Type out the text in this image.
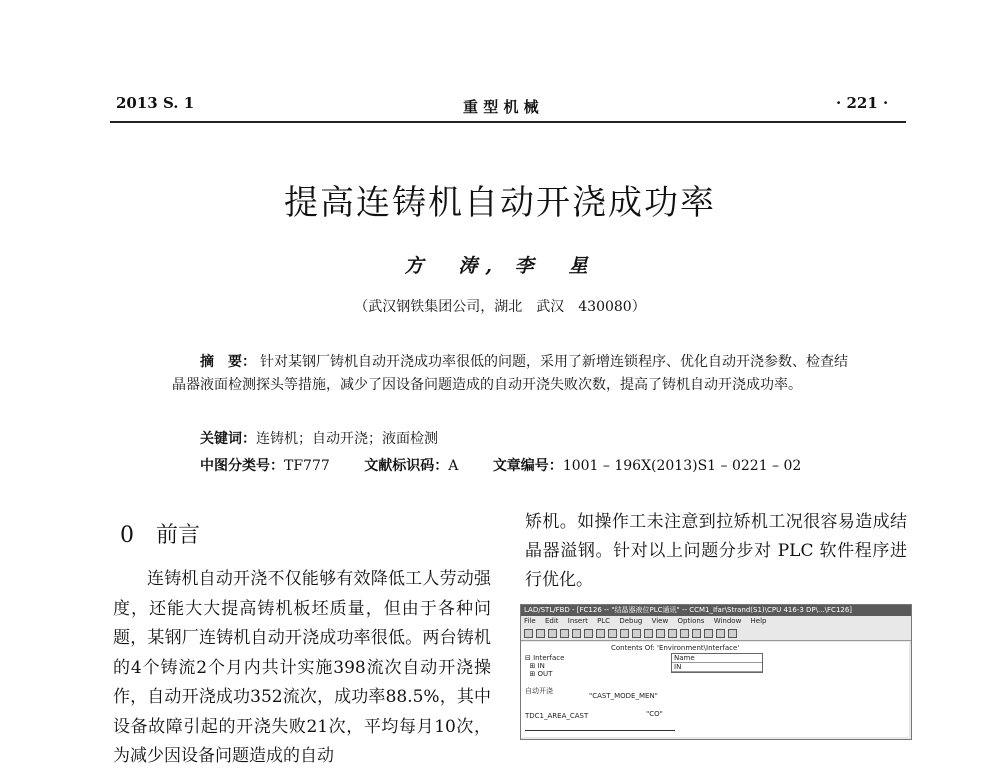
2013 S. 1	重 型 机 械	· 221 ·
提高连铸机自动开浇成功率
方　涛, 李　星
（武汉钢铁集团公司，湖北　武汉　430080）
摘　要： 针对某钢厂铸机自动开浇成功率很低的问题，采用了新增连锁程序、优化自动开浇参数、检查结晶器液面检测探头等措施，减少了因设备问题造成的自动开浇失败次数，提高了铸机自动开浇成功率。
关键词：连铸机；自动开浇；液面检测
中图分类号：TF777 文献标识码：A 文章编号：1001 – 196X(2013)S1 – 0221 – 02
0 前言
连铸机自动开浇不仅能够有效降低工人劳动强度，还能大大提高铸机板坯质量，但由于各种问题，某钢厂连铸机自动开浇成功率很低。两台铸机的4个铸流2个月内共计实施398流次自动开浇操作，自动开浇成功352流次，成功率88.5%，其中设备故障引起的开浇失败21次，平均每月10次，为减少因设备问题造成的自动
矫机。如操作工未注意到拉矫机工况很容易造成结晶器溢钢。针对以上问题分步对 PLC 软件程序进行优化。
LAD/STL/FBD - [FC126 -- "结晶器液位PLC通讯" -- CCM1_Ifar\Strand(S1)\CPU 416-3 DP\...\FC126]
File Edit Insert PLC Debug View Options Window Help
Contents Of: 'Environment\Interface'
⊟ Interface
⊞ IN
⊞ OUT
Name
IN
自动开浇
TDC1_AREA_CAST
"CAST_MODE_MEN"
"CO"
